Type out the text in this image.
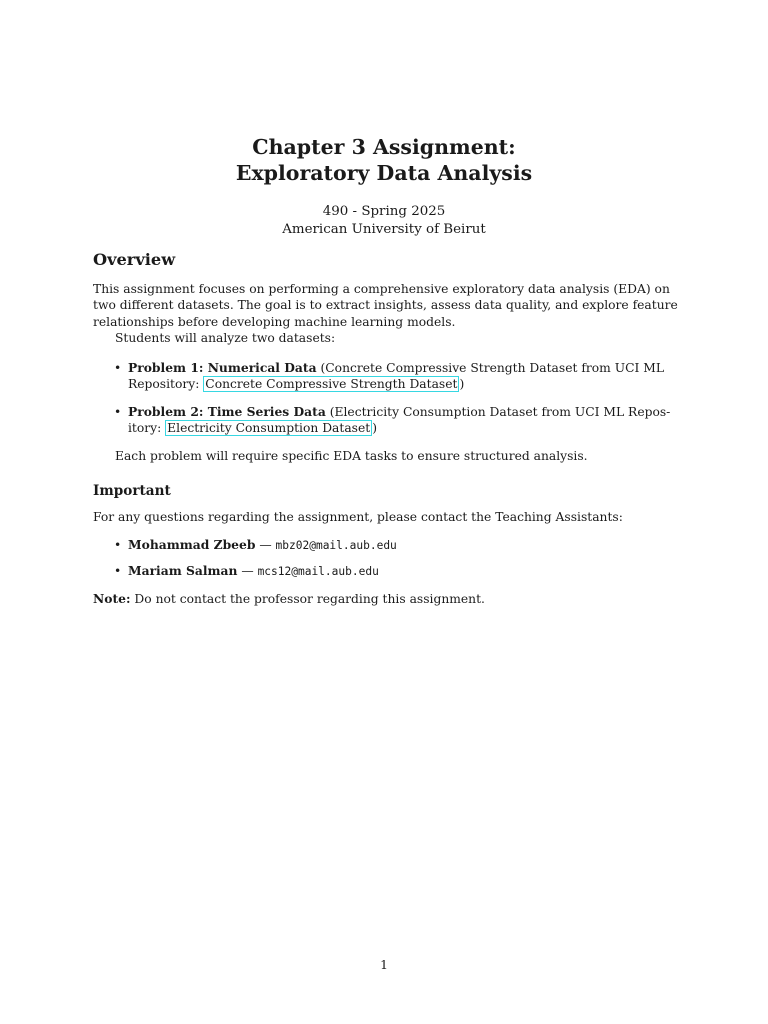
Chapter 3 Assignment:
Exploratory Data Analysis
490 - Spring 2025
American University of Beirut
Overview
This assignment focuses on performing a comprehensive exploratory data analysis (EDA) on
two different datasets. The goal is to extract insights, assess data quality, and explore feature
relationships before developing machine learning models.
Students will analyze two datasets:
• Problem 1: Numerical Data (Concrete Compressive Strength Dataset from UCI ML
Repository: Concrete Compressive Strength Dataset )
• Problem 2: Time Series Data (Electricity Consumption Dataset from UCI ML Repos-
itory: Electricity Consumption Dataset )
Each problem will require specific EDA tasks to ensure structured analysis.
Important
For any questions regarding the assignment, please contact the Teaching Assistants:
• Mohammad Zbeeb — mbz02@mail.aub.edu
• Mariam Salman — mcs12@mail.aub.edu
Note: Do not contact the professor regarding this assignment.
1
